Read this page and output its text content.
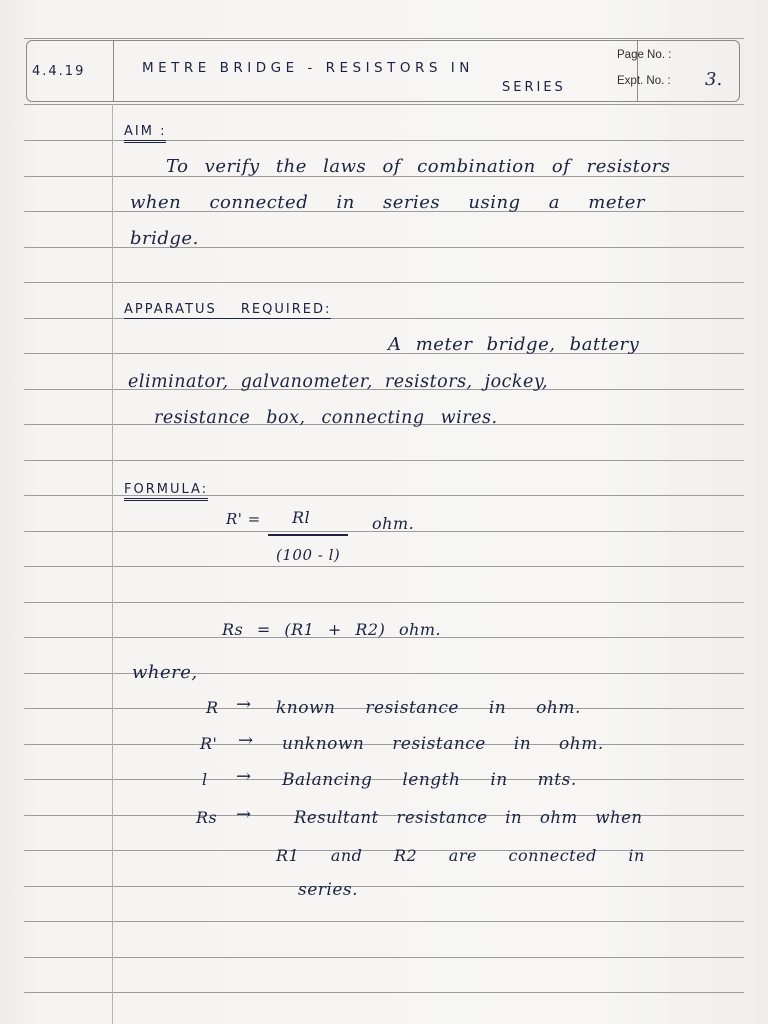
Page No. :
Expt. No. : 3.
4.4.19	METRE BRIDGE - RESISTORS IN
SERIES
AIM :
To verify the laws of combination of resistors
when connected in series using a meter
bridge.
APPARATUS REQUIRED:
A meter bridge, battery
eliminator, galvanometer, resistors, jockey,
resistance box, connecting wires.
FORMULA:
R' = Rl
(100 - l)
ohm.
Rs = (R1 + R2) ohm.
where,
R → known resistance in ohm.
R' → unknown resistance in ohm.
l → Balancing length in mts.
Rs →	Resultant resistance in ohm when
R1 and R2 are connected in
series.
